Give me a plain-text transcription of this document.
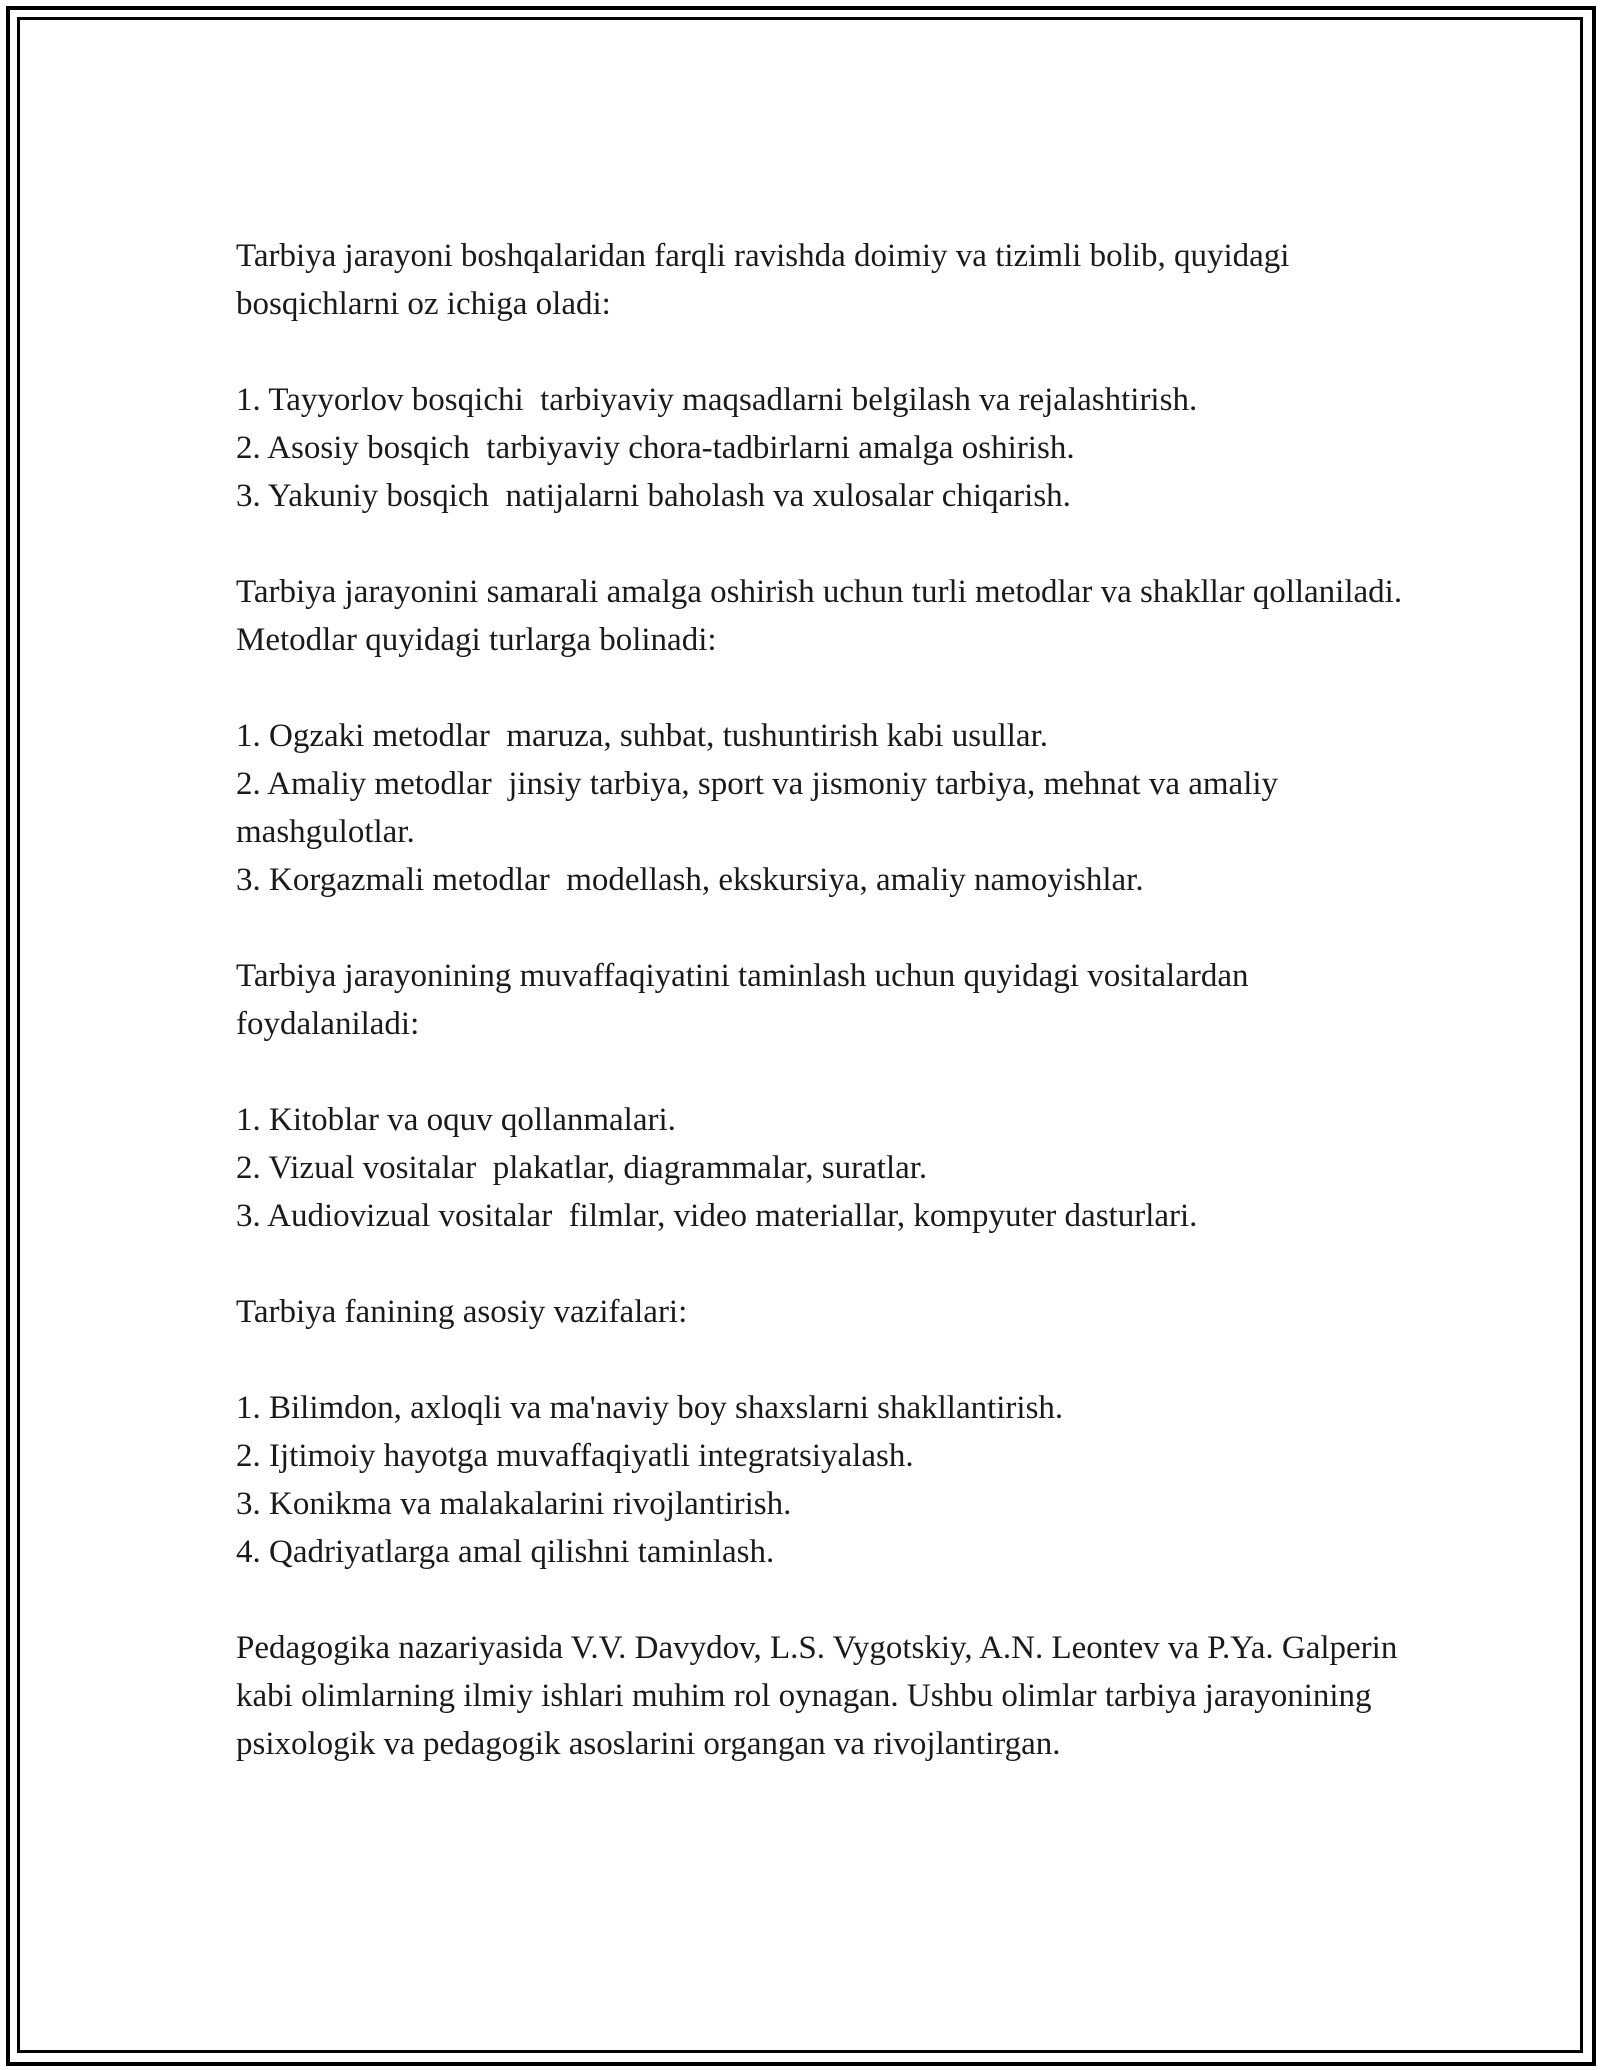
Tarbiya jarayoni boshqalaridan farqli ravishda doimiy va tizimli bolib, quyidagi bosqichlarni oz ichiga oladi:

1. Tayyorlov bosqichi  tarbiyaviy maqsadlarni belgilash va rejalashtirish.

2. Asosiy bosqich  tarbiyaviy chora-tadbirlarni amalga oshirish.

3. Yakuniy bosqich  natijalarni baholash va xulosalar chiqarish.

Tarbiya jarayonini samarali amalga oshirish uchun turli metodlar va shakllar qollaniladi. Metodlar quyidagi turlarga bolinadi:

1. Ogzaki metodlar  maruza, suhbat, tushuntirish kabi usullar.

2. Amaliy metodlar  jinsiy tarbiya, sport va jismoniy tarbiya, mehnat va amaliy mashgulotlar.

3. Korgazmali metodlar  modellash, ekskursiya, amaliy namoyishlar.

Tarbiya jarayonining muvaffaqiyatini taminlash uchun quyidagi vositalardan foydalaniladi:

1. Kitoblar va oquv qollanmalari.

2. Vizual vositalar  plakatlar, diagrammalar, suratlar.

3. Audiovizual vositalar  filmlar, video materiallar, kompyuter dasturlari.

Tarbiya fanining asosiy vazifalari:

1. Bilimdon, axloqli va ma'naviy boy shaxslarni shakllantirish.

2. Ijtimoiy hayotga muvaffaqiyatli integratsiyalash.

3. Konikma va malakalarini rivojlantirish.

4. Qadriyatlarga amal qilishni taminlash.

Pedagogika nazariyasida V.V. Davydov, L.S. Vygotskiy, A.N. Leontev va P.Ya. Galperin kabi olimlarning ilmiy ishlari muhim rol oynagan. Ushbu olimlar tarbiya jarayonining psixologik va pedagogik asoslarini organgan va rivojlantirgan.
